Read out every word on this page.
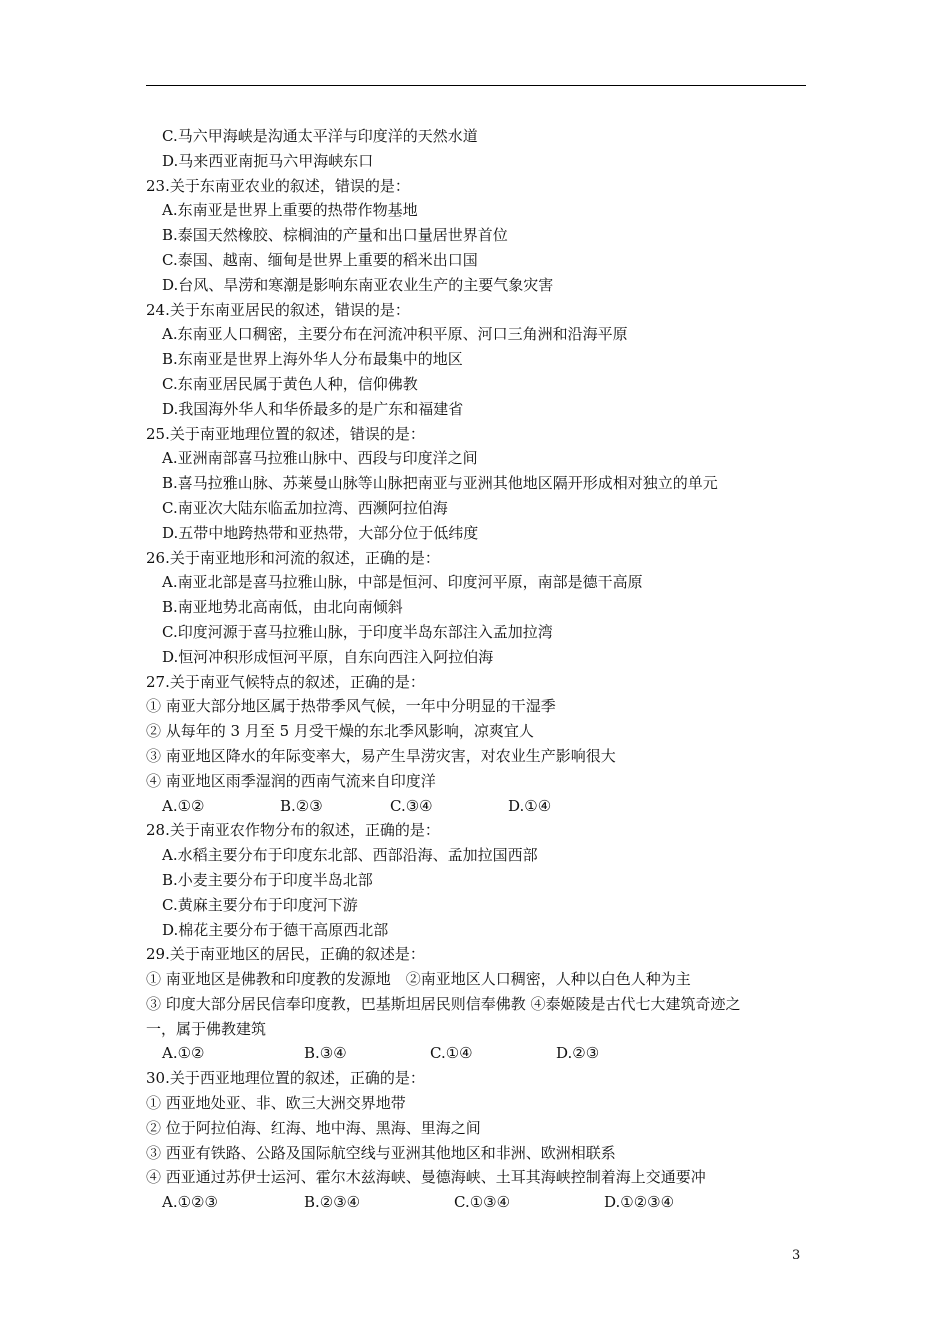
C.马六甲海峡是沟通太平洋与印度洋的天然水道
D.马来西亚南扼马六甲海峡东口
23.关于东南亚农业的叙述，错误的是：
A.东南亚是世界上重要的热带作物基地
B.泰国天然橡胶、棕榈油的产量和出口量居世界首位
C.泰国、越南、缅甸是世界上重要的稻米出口国
D.台风、旱涝和寒潮是影响东南亚农业生产的主要气象灾害
24.关于东南亚居民的叙述，错误的是：
A.东南亚人口稠密，主要分布在河流冲积平原、河口三角洲和沿海平原
B.东南亚是世界上海外华人分布最集中的地区
C.东南亚居民属于黄色人种，信仰佛教
D.我国海外华人和华侨最多的是广东和福建省
25.关于南亚地理位置的叙述，错误的是：
A.亚洲南部喜马拉雅山脉中、西段与印度洋之间
B.喜马拉雅山脉、苏莱曼山脉等山脉把南亚与亚洲其他地区隔开形成相对独立的单元
C.南亚次大陆东临孟加拉湾、西濒阿拉伯海
D.五带中地跨热带和亚热带，大部分位于低纬度
26.关于南亚地形和河流的叙述，正确的是：
A.南亚北部是喜马拉雅山脉，中部是恒河、印度河平原，南部是德干高原
B.南亚地势北高南低，由北向南倾斜
C.印度河源于喜马拉雅山脉，于印度半岛东部注入孟加拉湾
D.恒河冲积形成恒河平原，自东向西注入阿拉伯海
27.关于南亚气候特点的叙述，正确的是：
① 南亚大部分地区属于热带季风气候，一年中分明显的干湿季
② 从每年的 3 月至 5 月受干燥的东北季风影响，凉爽宜人
③ 南亚地区降水的年际变率大，易产生旱涝灾害，对农业生产影响很大
④ 南亚地区雨季湿润的西南气流来自印度洋
A.①②	B.②③	C.③④	D.①④
28.关于南亚农作物分布的叙述，正确的是：
A.水稻主要分布于印度东北部、西部沿海、孟加拉国西部
B.小麦主要分布于印度半岛北部
C.黄麻主要分布于印度河下游
D.棉花主要分布于德干高原西北部
29.关于南亚地区的居民，正确的叙述是：
① 南亚地区是佛教和印度教的发源地　②南亚地区人口稠密，人种以白色人种为主
③ 印度大部分居民信奉印度教，巴基斯坦居民则信奉佛教 ④泰姬陵是古代七大建筑奇迹之
一，属于佛教建筑
A.①②	B.③④	C.①④	D.②③
30.关于西亚地理位置的叙述，正确的是：
① 西亚地处亚、非、欧三大洲交界地带
② 位于阿拉伯海、红海、地中海、黑海、里海之间
③ 西亚有铁路、公路及国际航空线与亚洲其他地区和非洲、欧洲相联系
④ 西亚通过苏伊士运河、霍尔木兹海峡、曼德海峡、土耳其海峡控制着海上交通要冲
A.①②③	B.②③④	C.①③④	D.①②③④
3
